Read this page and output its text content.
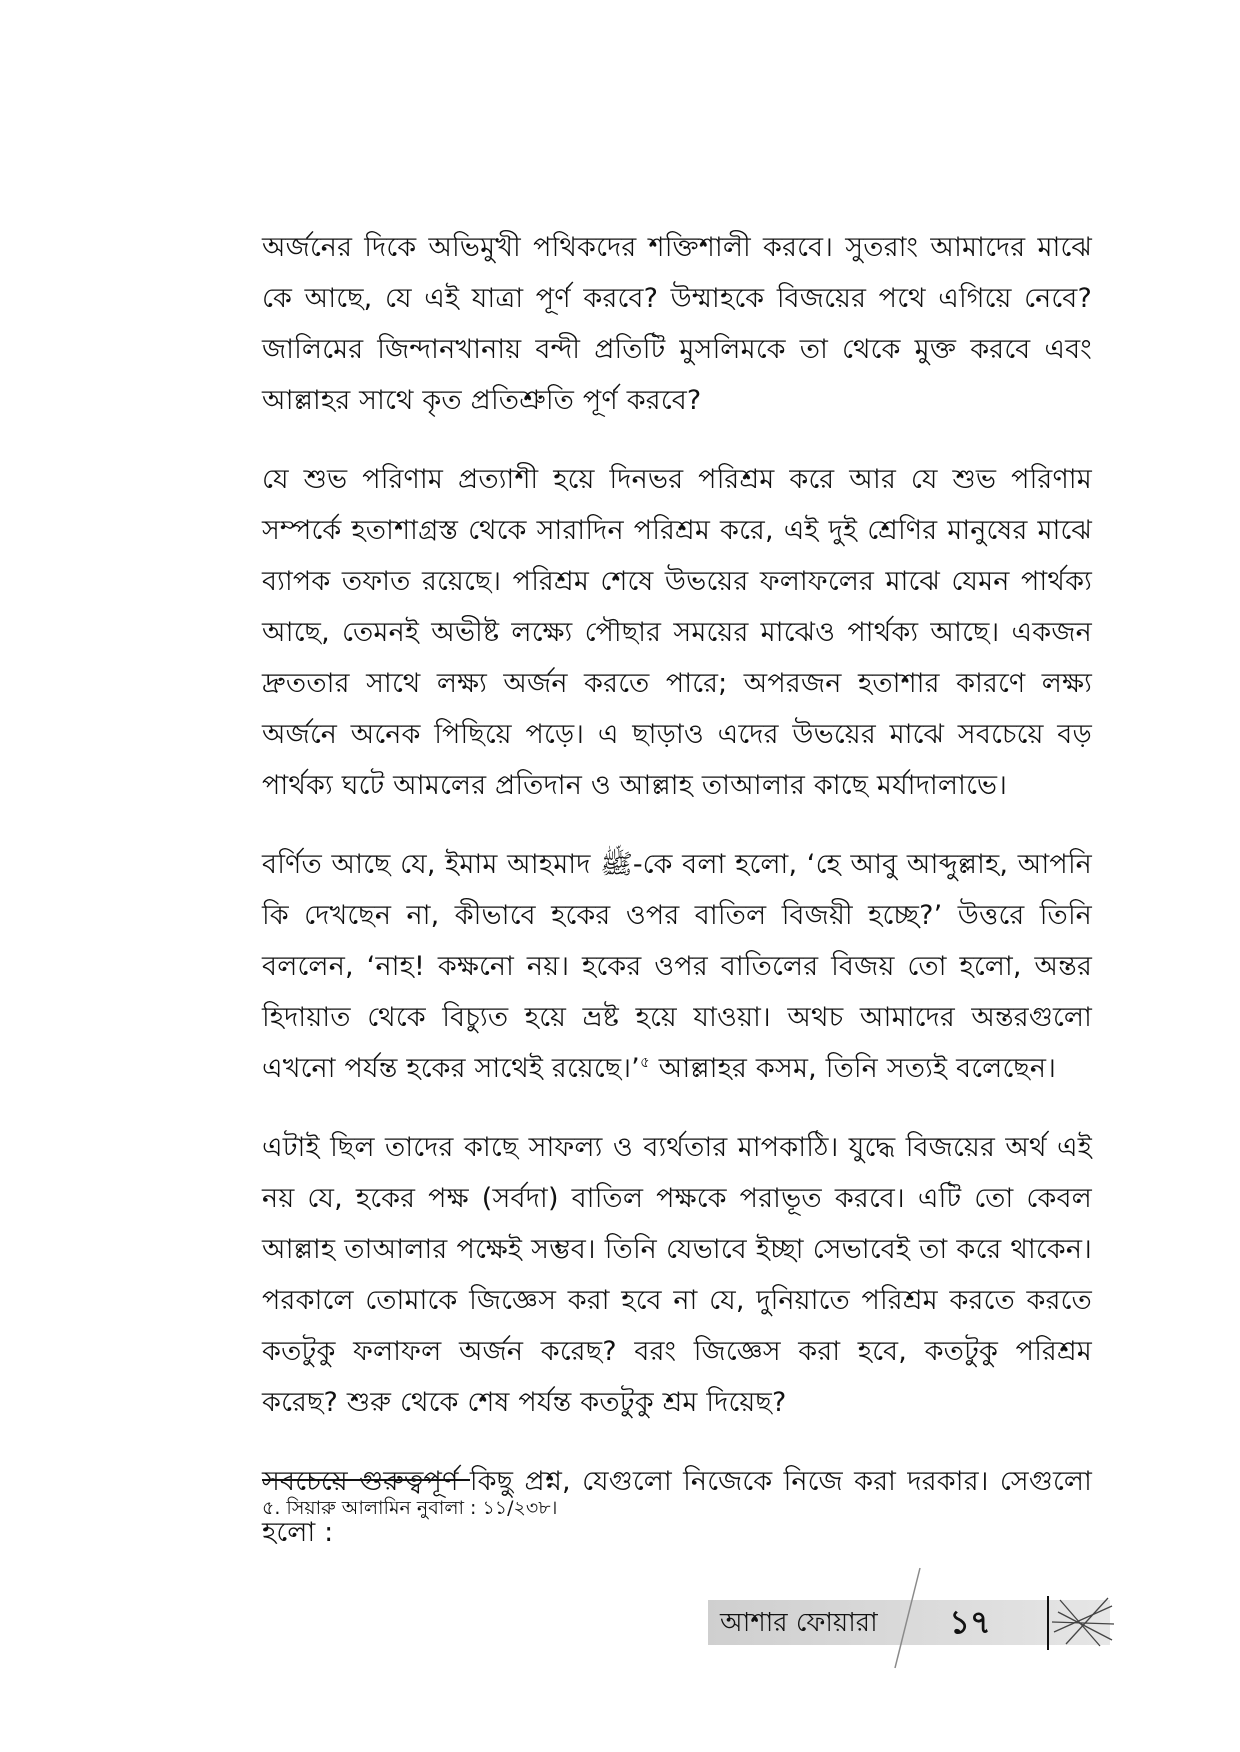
অর্জনের দিকে অভিমুখী পথিকদের শক্তিশালী করবে। সুতরাং আমাদের মাঝে কে আছে, যে এই যাত্রা পূর্ণ করবে? উম্মাহকে বিজয়ের পথে এগিয়ে নেবে? জালিমের জিন্দানখানায় বন্দী প্রতিটি মুসলিমকে তা থেকে মুক্ত করবে এবং আল্লাহর সাথে কৃত প্রতিশ্রুতি পূর্ণ করবে?

যে শুভ পরিণাম প্রত্যাশী হয়ে দিনভর পরিশ্রম করে আর যে শুভ পরিণাম সম্পর্কে হতাশাগ্রস্ত থেকে সারাদিন পরিশ্রম করে, এই দুই শ্রেণির মানুষের মাঝে ব্যাপক তফাত রয়েছে। পরিশ্রম শেষে উভয়ের ফলাফলের মাঝে যেমন পার্থক্য আছে, তেমনই অভীষ্ট লক্ষ্যে পৌছার সময়ের মাঝেও পার্থক্য আছে। একজন দ্রুততার সাথে লক্ষ্য অর্জন করতে পারে; অপরজন হতাশার কারণে লক্ষ্য অর্জনে অনেক পিছিয়ে পড়ে। এ ছাড়াও এদের উভয়ের মাঝে সবচেয়ে বড় পার্থক্য ঘটে আমলের প্রতিদান ও আল্লাহ তাআলার কাছে মর্যাদালাভে।

বর্ণিত আছে যে, ইমাম আহমাদ ﷺ-কে বলা হলো, ‘হে আবু আব্দুল্লাহ, আপনি কি দেখছেন না, কীভাবে হকের ওপর বাতিল বিজয়ী হচ্ছে?’ উত্তরে তিনি বললেন, ‘নাহ! কক্ষনো নয়। হকের ওপর বাতিলের বিজয় তো হলো, অন্তর হিদায়াত থেকে বিচ্যুত হয়ে ভ্রষ্ট হয়ে যাওয়া। অথচ আমাদের অন্তরগুলো এখনো পর্যন্ত হকের সাথেই রয়েছে।’$^৫$ আল্লাহর কসম, তিনি সত্যই বলেছেন।

এটাই ছিল তাদের কাছে সাফল্য ও ব্যর্থতার মাপকাঠি। যুদ্ধে বিজয়ের অর্থ এই নয় যে, হকের পক্ষ (সর্বদা) বাতিল পক্ষকে পরাভূত করবে। এটি তো কেবল আল্লাহ তাআলার পক্ষেই সম্ভব। তিনি যেভাবে ইচ্ছা সেভাবেই তা করে থাকেন। পরকালে তোমাকে জিজ্ঞেস করা হবে না যে, দুনিয়াতে পরিশ্রম করতে করতে কতটুকু ফলাফল অর্জন করেছ? বরং জিজ্ঞেস করা হবে, কতটুকু পরিশ্রম করেছ? শুরু থেকে শেষ পর্যন্ত কতটুকু শ্রম দিয়েছ?

সবচেয়ে গুরুত্বপূর্ণ কিছু প্রশ্ন, যেগুলো নিজেকে নিজে করা দরকার। সেগুলো হলো :

৫. সিয়ারু আলামিন নুবালা : ১১/২৩৮।
আশার ফোয়ারা	১৭
